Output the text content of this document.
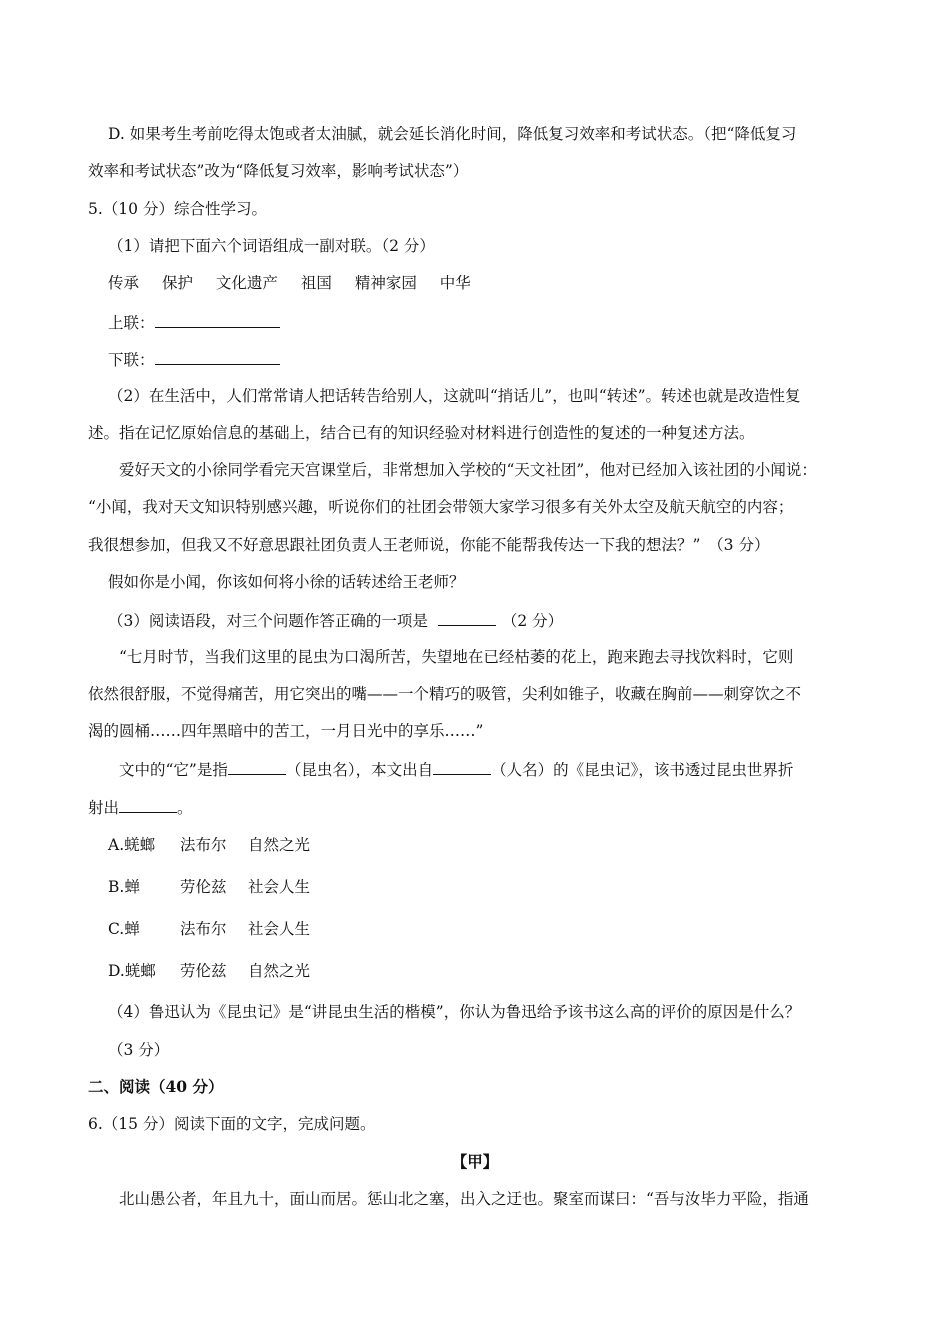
D. 如果考生考前吃得太饱或者太油腻，就会延长消化时间，降低复习效率和考试状态。（把“降低复习
效率和考试状态”改为“降低复习效率，影响考试状态”）
5.（10 分）综合性学习。
（1）请把下面六个词语组成一副对联。（2 分）
传承 保护 文化遗产 祖国 精神家园 中华
上联：
下联：
（2）在生活中，人们常常请人把话转告给别人，这就叫“捎话儿”，也叫“转述”。转述也就是改造性复
述。指在记忆原始信息的基础上，结合已有的知识经验对材料进行创造性的复述的一种复述方法。
爱好天文的小徐同学看完天宫课堂后，非常想加入学校的“天文社团”，他对已经加入该社团的小闻说：
“小闻，我对天文知识特别感兴趣，听说你们的社团会带领大家学习很多有关外太空及航天航空的内容；
我很想参加，但我又不好意思跟社团负责人王老师说，你能不能帮我传达一下我的想法？”　（3 分）
假如你是小闻，你该如何将小徐的话转述给王老师？
（3）阅读语段，对三个问题作答正确的一项是	（2 分）
“七月时节，当我们这里的昆虫为口渴所苦，失望地在已经枯萎的花上，跑来跑去寻找饮料时，它则
依然很舒服，不觉得痛苦，用它突出的嘴——一个精巧的吸管，尖利如锥子，收藏在胸前——刺穿饮之不
渴的圆桶……四年黑暗中的苦工，一月日光中的享乐……”
文中的“它”是指	（昆虫名），本文出自	（人名）的《昆虫记》，该书透过昆虫世界折
射出	。
A.蜣螂 法布尔 自然之光
B.蝉	劳伦兹 社会人生
C.蝉	法布尔 社会人生
D.蜣螂 劳伦兹 自然之光
（4）鲁迅认为《昆虫记》是“讲昆虫生活的楷模”，你认为鲁迅给予该书这么高的评价的原因是什么？
（3 分）
二、阅读（40 分）
6.（15 分）阅读下面的文字，完成问题。
【甲】
北山愚公者，年且九十，面山而居。惩山北之塞，出入之迂也。聚室而谋曰：“吾与汝毕力平险，指通
